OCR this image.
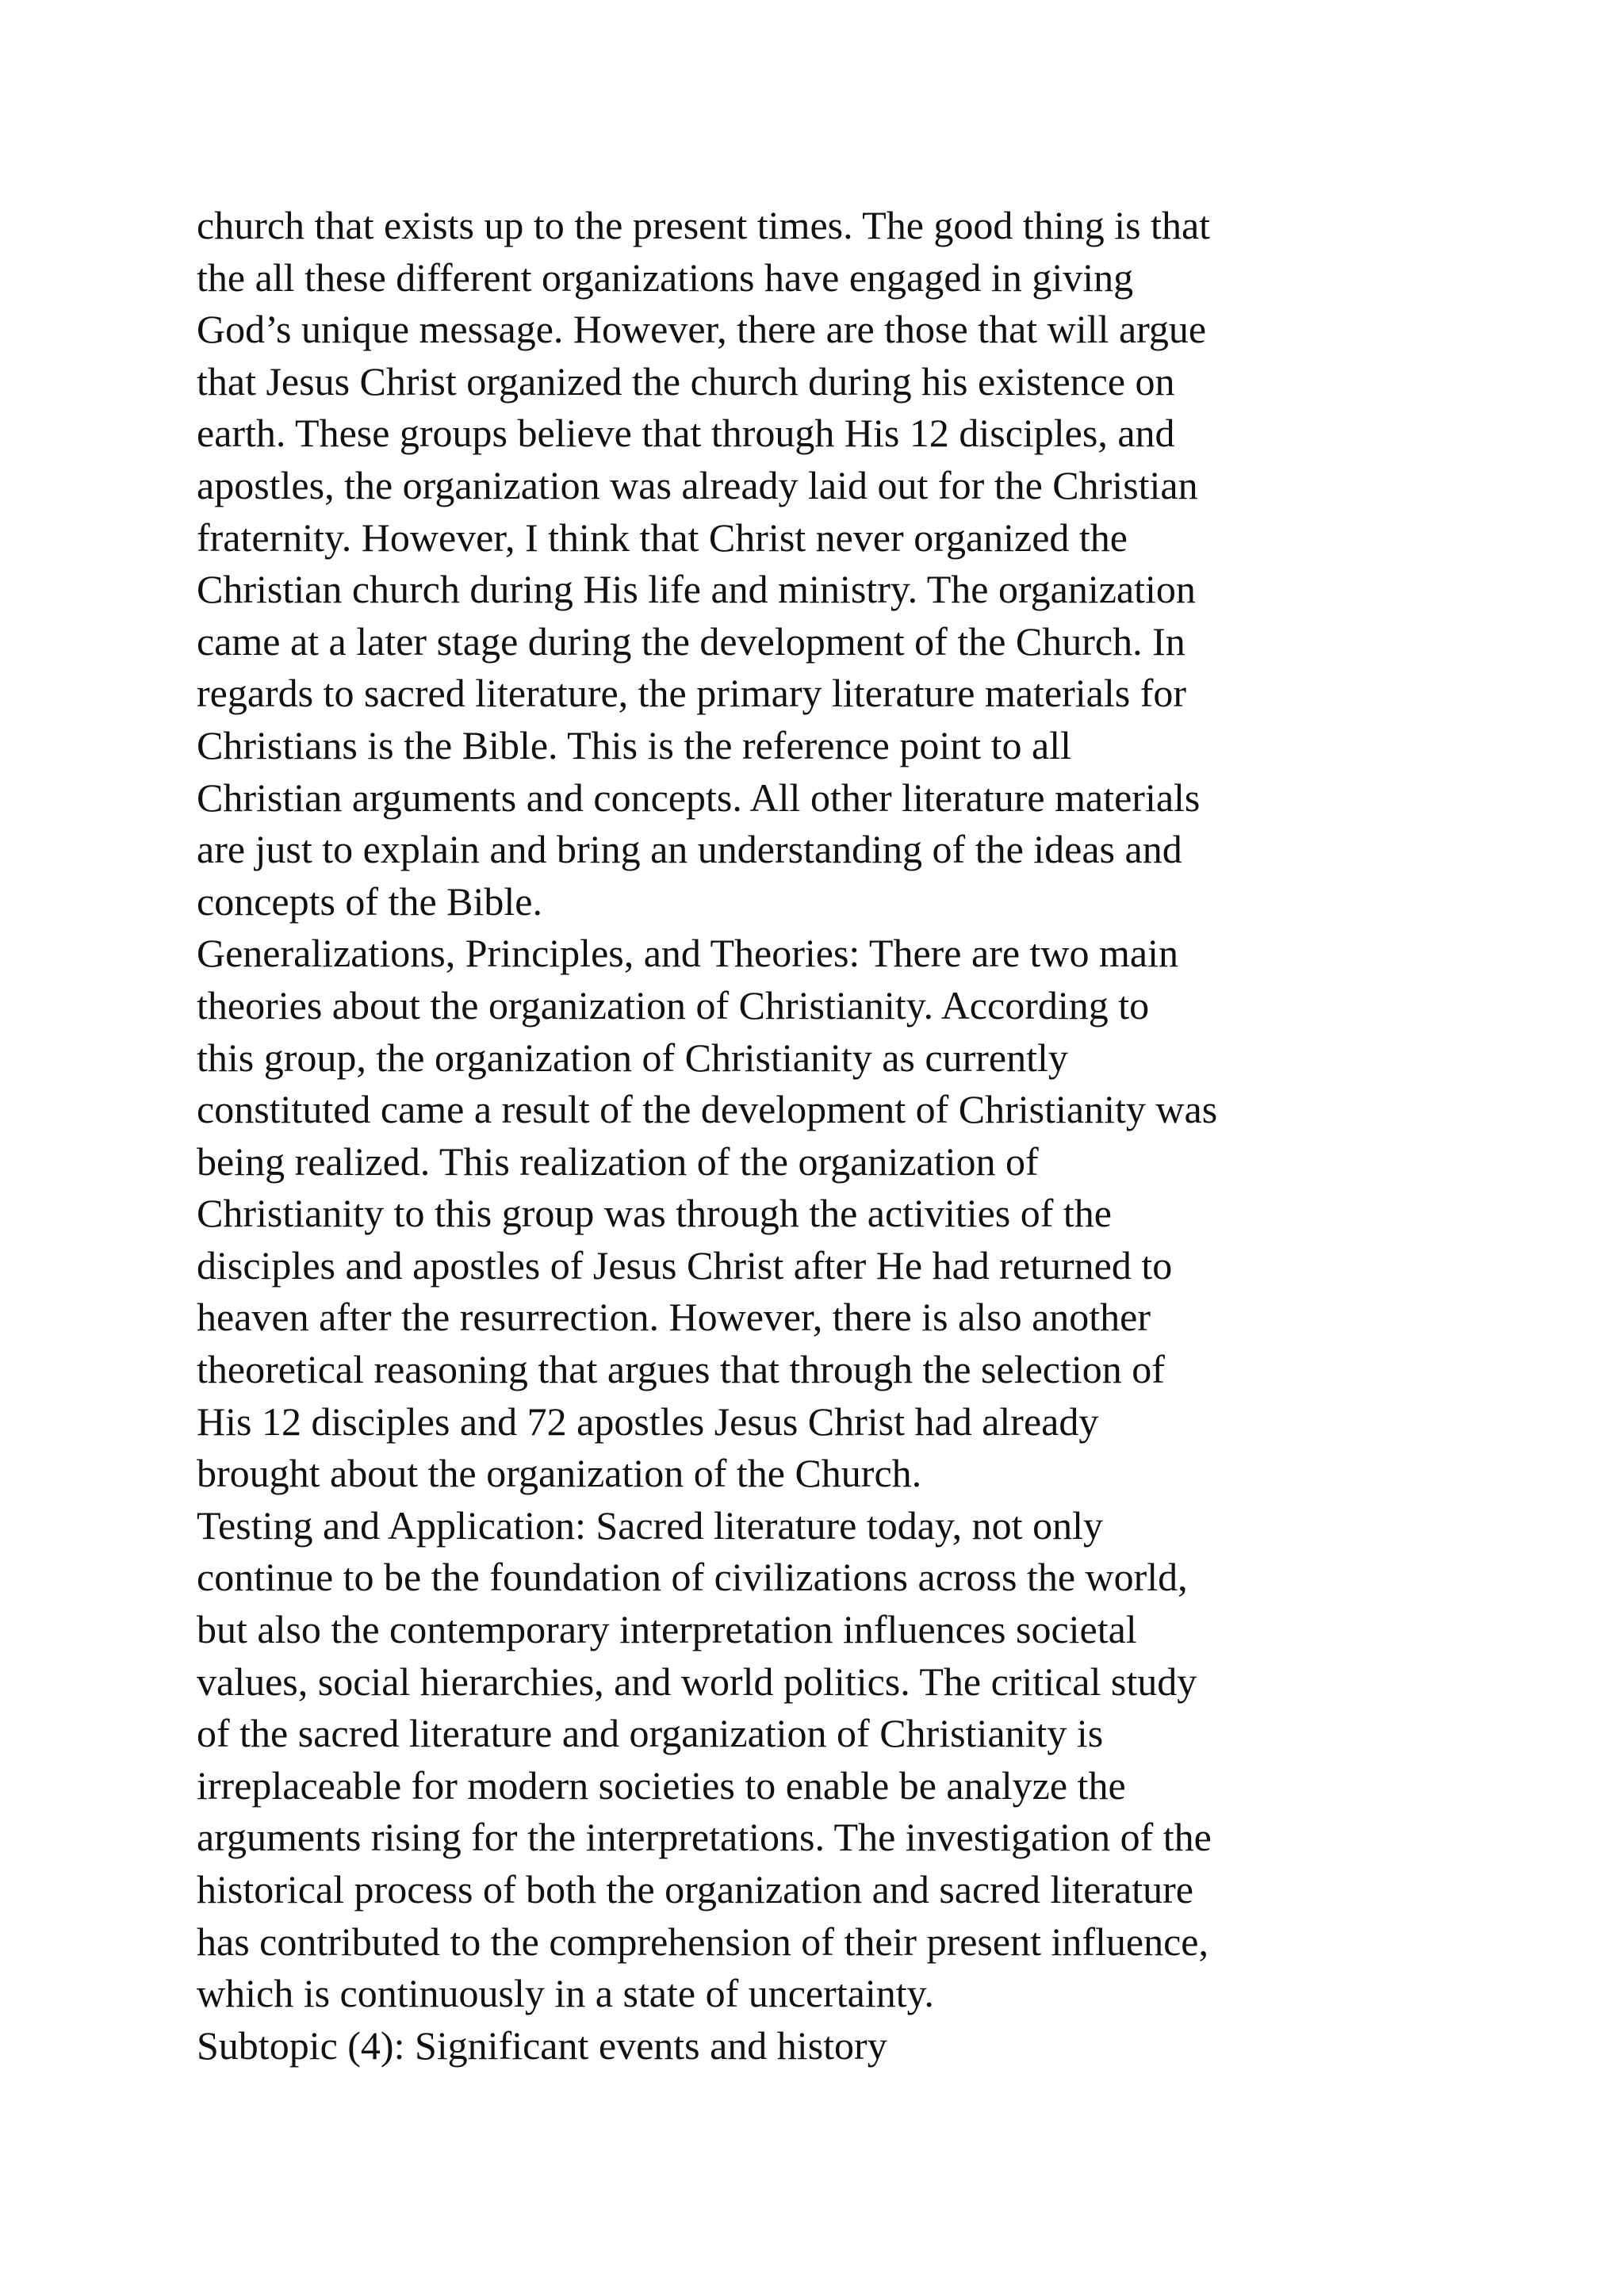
church that exists up to the present times. The good thing is that
the all these different organizations have engaged in giving
God’s unique message. However, there are those that will argue
that Jesus Christ organized the church during his existence on
earth. These groups believe that through His 12 disciples, and
apostles, the organization was already laid out for the Christian
fraternity. However, I think that Christ never organized the
Christian church during His life and ministry. The organization
came at a later stage during the development of the Church. In
regards to sacred literature, the primary literature materials for
Christians is the Bible. This is the reference point to all
Christian arguments and concepts. All other literature materials
are just to explain and bring an understanding of the ideas and
concepts of the Bible.
Generalizations, Principles, and Theories: There are two main
theories about the organization of Christianity. According to
this group, the organization of Christianity as currently
constituted came a result of the development of Christianity was
being realized. This realization of the organization of
Christianity to this group was through the activities of the
disciples and apostles of Jesus Christ after He had returned to
heaven after the resurrection. However, there is also another
theoretical reasoning that argues that through the selection of
His 12 disciples and 72 apostles Jesus Christ had already
brought about the organization of the Church.
Testing and Application: Sacred literature today, not only
continue to be the foundation of civilizations across the world,
but also the contemporary interpretation influences societal
values, social hierarchies, and world politics. The critical study
of the sacred literature and organization of Christianity is
irreplaceable for modern societies to enable be analyze the
arguments rising for the interpretations. The investigation of the
historical process of both the organization and sacred literature
has contributed to the comprehension of their present influence,
which is continuously in a state of uncertainty.
Subtopic (4): Significant events and history
